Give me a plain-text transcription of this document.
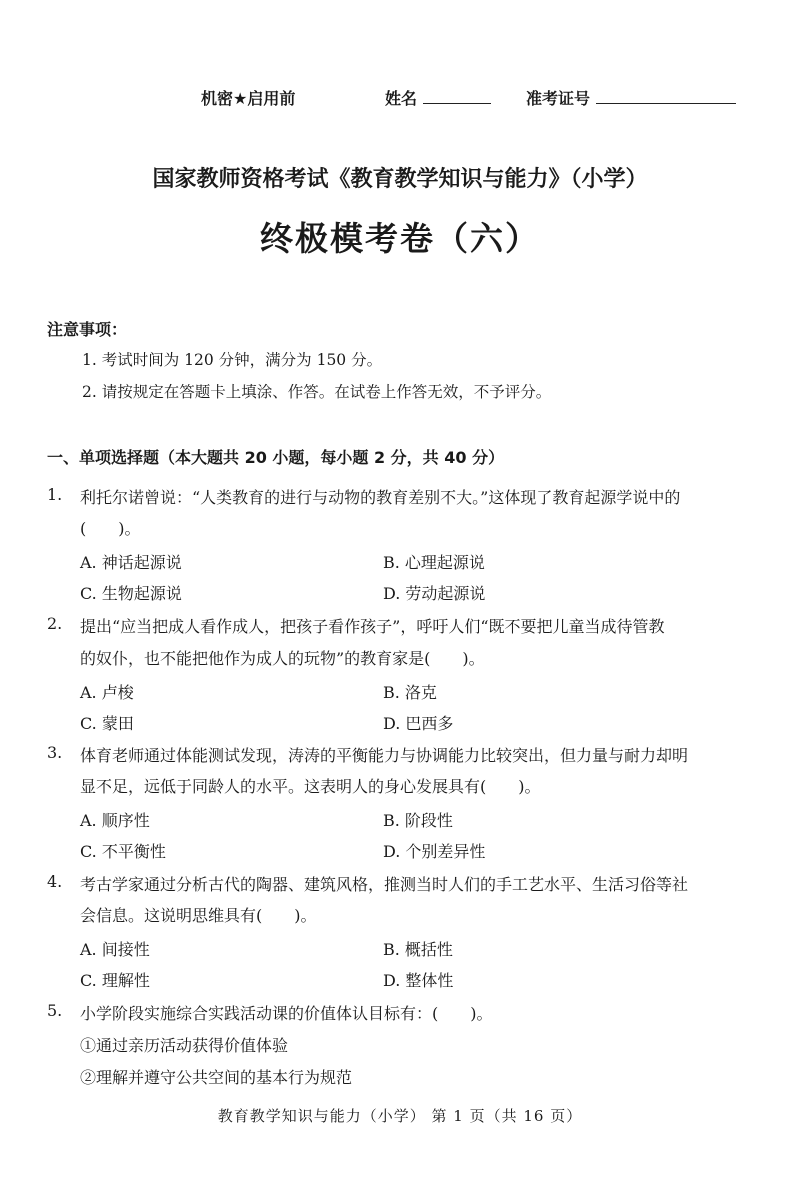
机密★启用前	姓名	准考证号
国家教师资格考试《教育教学知识与能力》（小学）
终极模考卷（六）
注意事项：
1. 考试时间为 120 分钟，满分为 150 分。
2. 请按规定在答题卡上填涂、作答。在试卷上作答无效，不予评分。
一、单项选择题（本大题共 20 小题，每小题 2 分，共 40 分）
1. 利托尔诺曾说：“人类教育的进行与动物的教育差别不大。”这体现了教育起源学说中的
(　　)。
A. 神话起源说	B. 心理起源说
C. 生物起源说	D. 劳动起源说
2. 提出“应当把成人看作成人，把孩子看作孩子”，呼吁人们“既不要把儿童当成待管教
的奴仆，也不能把他作为成人的玩物”的教育家是(　　)。
A. 卢梭	B. 洛克
C. 蒙田	D. 巴西多
3. 体育老师通过体能测试发现，涛涛的平衡能力与协调能力比较突出，但力量与耐力却明
显不足，远低于同龄人的水平。这表明人的身心发展具有(　　)。
A. 顺序性	B. 阶段性
C. 不平衡性	D. 个别差异性
4. 考古学家通过分析古代的陶器、建筑风格，推测当时人们的手工艺水平、生活习俗等社
会信息。这说明思维具有(　　)。
A. 间接性	B. 概括性
C. 理解性	D. 整体性
5. 小学阶段实施综合实践活动课的价值体认目标有：(　　)。
①通过亲历活动获得价值体验
②理解并遵守公共空间的基本行为规范
教育教学知识与能力（小学） 第 1 页（共 16 页）
